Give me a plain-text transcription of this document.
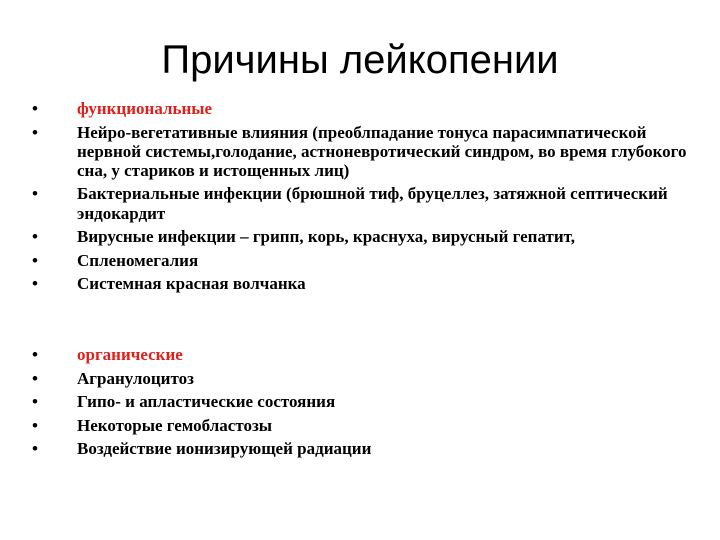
Причины лейкопении
•	функциональные
•	Нейро-вегетативные влияния (преоблпадание тонуса парасимпатической нервной системы,голодание, астноневротический синдром, во время глубокого сна, у стариков и истощенных лиц)
•	Бактериальные инфекции (брюшной тиф, бруцеллез, затяжной септический эндокардит
•	Вирусные инфекции – грипп, корь, краснуха, вирусный гепатит,
•	Спленомегалия
•	Системная красная волчанка
•	органические
•	Агранулоцитоз
•	Гипо- и апластические состояния
•	Некоторые гемобластозы
•	Воздействие ионизирующей радиации
